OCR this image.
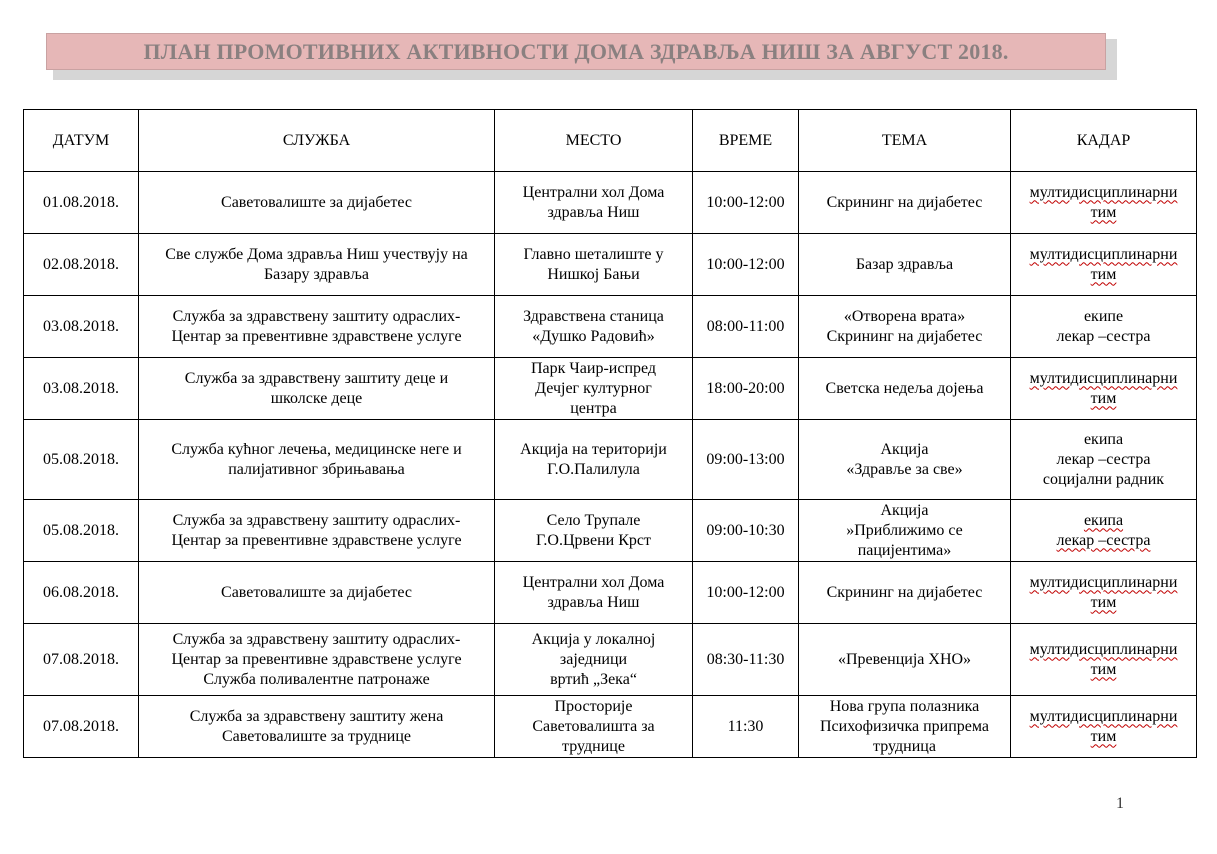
ПЛАН ПРОМОТИВНИХ АКТИВНОСТИ ДОМА ЗДРАВЉА НИШ ЗА АВГУСТ 2018.
ДАТУМ	СЛУЖБА	МЕСТО	ВРЕМЕ	ТЕМА	КАДАР
01.08.2018.	Саветовалиште за дијабетес	Централни хол Дома
здравља Ниш	10:00-12:00	Скрининг на дијабетес	мултидисциплинарни
тим

02.08.2018.	Све службе Дома здравља Ниш учествују на
Базару здравља	Главно шеталиште у
Нишкој Бањи	10:00-12:00	Базар здравља	мултидисциплинарни
тим

03.08.2018.	Служба за здравствену заштиту одраслих-
Центар за превентивне здравствене услуге	Здравствена станица
«Душко Радовић»	08:00-11:00	«Отворена врата»
Скрининг на дијабетес	екипе
лекар –сестра

03.08.2018.	Служба за здравствену заштиту деце и
школске деце	Парк Чаир-испред
Дечјег културног
центра	18:00-20:00	Светска недеља дојења	мултидисциплинарни
тим

05.08.2018.	Служба кућног лечења, медицинске неге и
палијативног збрињавања	Акција на територији
Г.О.Палилула	09:00-13:00	Акција
«Здравље за све»	екипа
лекар –сестра
социјални радник

05.08.2018.	Служба за здравствену заштиту одраслих-
Центар за превентивне здравствене услуге	Село Трупале
Г.О.Црвени Крст	09:00-10:30	Акција
»Приближимо се
пацијентима»	екипа
лекар –сестра

06.08.2018.	Саветовалиште за дијабетес	Централни хол Дома
здравља Ниш	10:00-12:00	Скрининг на дијабетес	мултидисциплинарни
тим

07.08.2018.	Служба за здравствену заштиту одраслих-
Центар за превентивне здравствене услуге
Служба поливалентне патронаже	Акција у локалној
заједници
вртић „Зека“	08:30-11:30	«Превенција ХНО»	мултидисциплинарни
тим

07.08.2018.	Служба за здравствену заштиту жена
Саветовалиште за труднице	Просторије
Саветовалишта за
труднице	11:30	Нова група полазника
Психофизичка припрема
трудница	мултидисциплинарни
тим
1
